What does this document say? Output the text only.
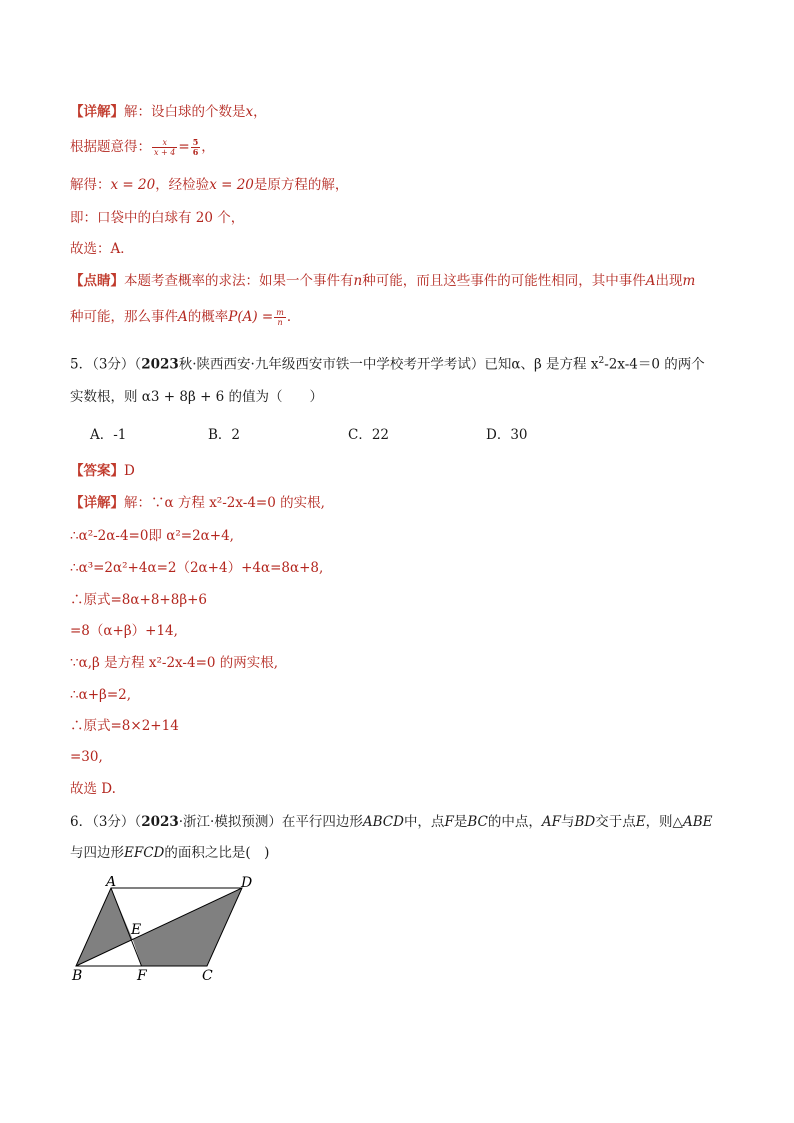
【详解】解：设白球的个数是x，
根据题意得： $\frac{x}{x + 4} = \frac{5}{6}$ ，
解得：x = 20，经检验x = 20是原方程的解，
即：口袋中的白球有 20 个，
故选：A．
【点睛】本题考查概率的求法：如果一个事件有n种可能，而且这些事件的可能性相同，其中事件A出现m
种可能，那么事件A的概率$P(A) = \frac{m}{n}$ ．
5．（3分）（2023秋·陕西西安·九年级西安市铁一中学校考开学考试）已知α、β 是方程 $x^2-2x-4=0$ 的两个
实数根，则 α3 + 8β + 6 的值为（　　）
A．-1	B．2	C．22	D．30
【答案】D
【详解】解：∵α 方程 x²-2x-4=0 的实根,
∴α²-2α-4=0即 α²=2α+4,
∴α³=2α²+4α=2（2α+4）+4α=8α+8,
∴原式=8α+8+8β+6
=8（α+β）+14,
∵α,β 是方程 x²-2x-4=0 的两实根,
∴α+β=2,
∴原式=8×2+14
=30,
故选 D.
6．（3分）（2023·浙江·模拟预测）在平行四边形ABCD中，点F是BC的中点，AF与BD交于点E，则△ABE
与四边形EFCD的面积之比是(　)
A	D
B	C
F
E
